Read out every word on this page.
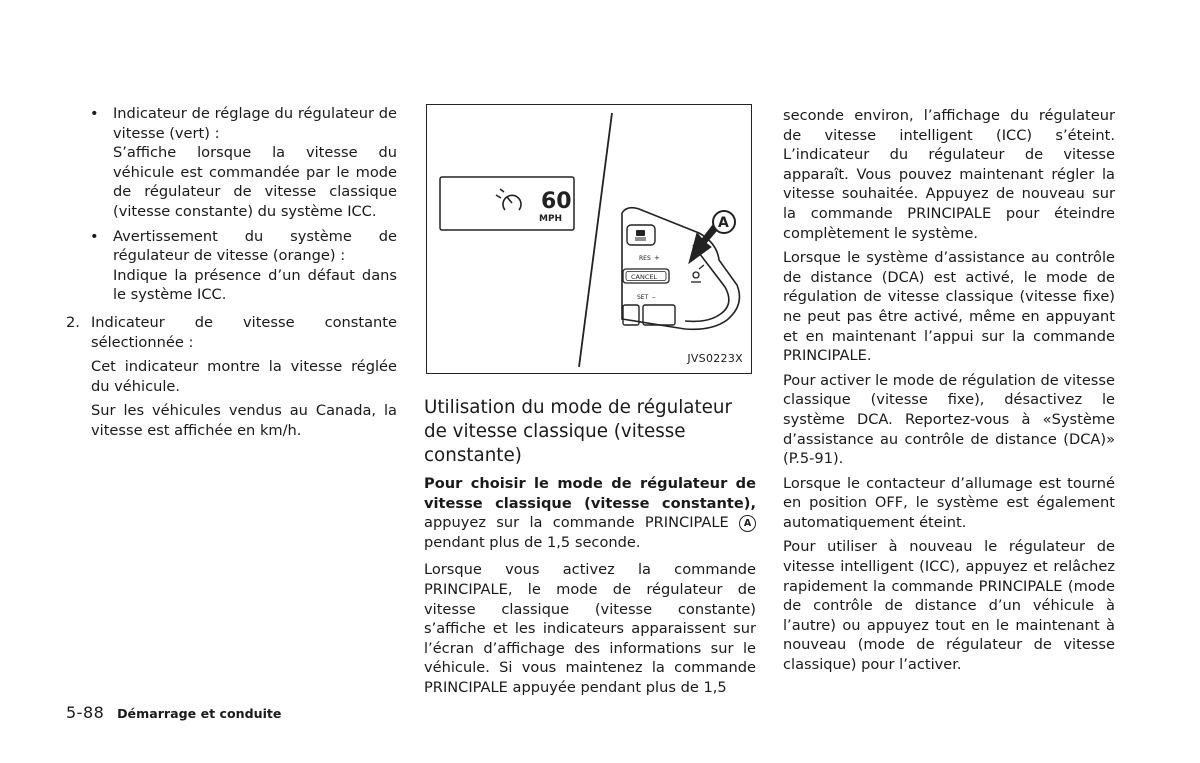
• Indicateur de réglage du régulateur de vitesse (vert) :

S’affiche lorsque la vitesse du véhicule est commandée par le mode de régulateur de vitesse classique (vitesse constante) du système ICC.

• Avertissement du système de régulateur de vitesse (orange) :

Indique la présence d’un défaut dans le système ICC.

2. Indicateur de vitesse constante sélectionnée :

Cet indicateur montre la vitesse réglée du véhicule.

Sur les véhicules vendus au Canada, la vitesse est affichée en km/h.

60
MPH
RES +
CANCEL
SET –
A
JVS0223X

Utilisation du mode de régulateur de vitesse classique (vitesse constante)

Pour choisir le mode de régulateur de vitesse classique (vitesse constante), appuyez sur la commande PRINCIPALE A pendant plus de 1,5 seconde.

Lorsque vous activez la commande PRINCIPALE, le mode de régulateur de vitesse classique (vitesse constante) s’affiche et les indicateurs apparaissent sur l’écran d’affichage des informations sur le véhicule. Si vous maintenez la commande PRINCIPALE appuyée pendant plus de 1,5

seconde environ, l’affichage du régulateur de vitesse intelligent (ICC) s’éteint. L’indicateur du régulateur de vitesse apparaît. Vous pouvez maintenant régler la vitesse souhaitée. Appuyez de nouveau sur la commande PRINCIPALE pour éteindre complètement le système.

Lorsque le système d’assistance au contrôle de distance (DCA) est activé, le mode de régulation de vitesse classique (vitesse fixe) ne peut pas être activé, même en appuyant et en maintenant l’appui sur la commande PRINCIPALE.

Pour activer le mode de régulation de vitesse classique (vitesse fixe), désactivez le système DCA. Reportez-vous à «Système d’assistance au contrôle de distance (DCA)» (P.5-91).

Lorsque le contacteur d’allumage est tourné en position OFF, le système est également automatiquement éteint.

Pour utiliser à nouveau le régulateur de vitesse intelligent (ICC), appuyez et relâchez rapidement la commande PRINCIPALE (mode de contrôle de distance d’un véhicule à l’autre) ou appuyez tout en le maintenant à nouveau (mode de régulateur de vitesse classique) pour l’activer.

5-88 Démarrage et conduite
